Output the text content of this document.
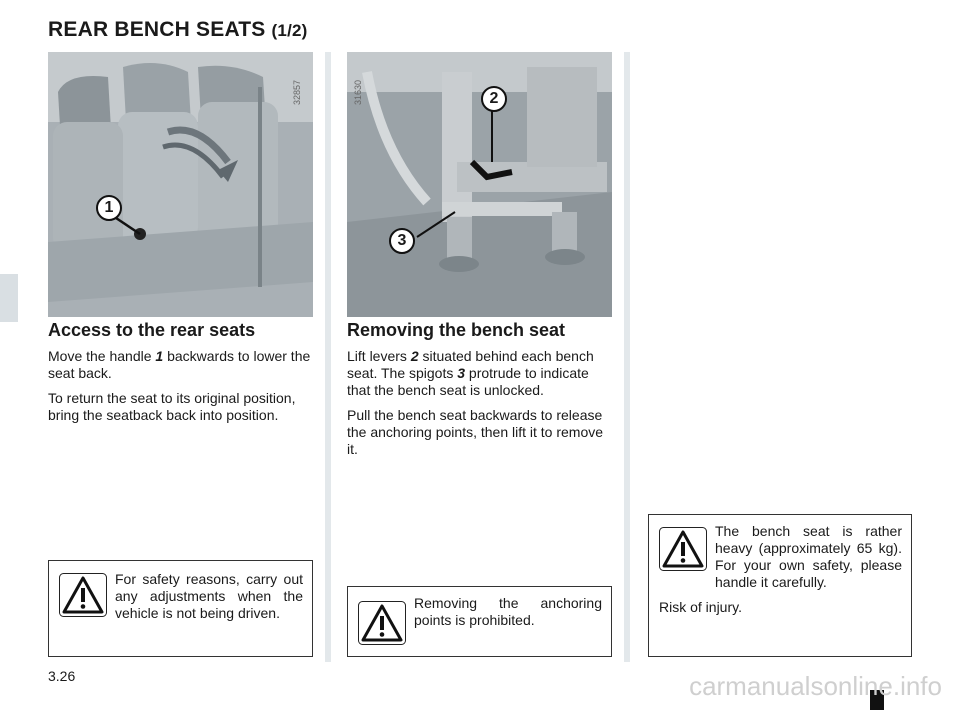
REAR BENCH SEATS (1/2)
1
32857	2
3
31630
Access to the rear seats

Move the handle 1 backwards to lower the seat back.

To return the seat to its original position, bring the seatback back into position.

Removing the bench seat

Lift levers 2 situated behind each bench seat. The spigots 3 protrude to indicate that the bench seat is unlocked.

Pull the bench seat backwards to release the anchoring points, then lift it to remove it.

For safety reasons, carry out any adjustments when the vehicle is not being driven.
Removing the anchoring points is prohibited.
The bench seat is rather heavy (approximately 65 kg). For your own safety, please handle it carefully.
Risk of injury.
3.26	carmanualsonline.info
